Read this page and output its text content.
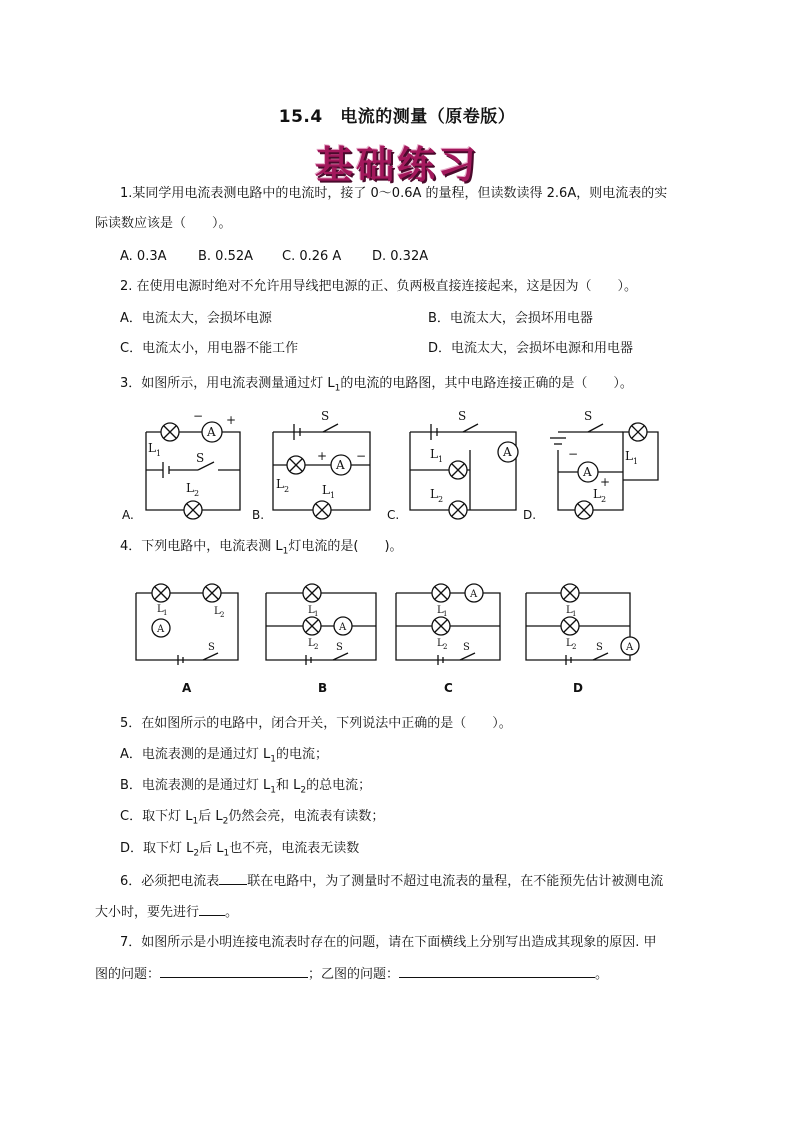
15.4　电流的测量（原卷版）
基础练习
1.某同学用电流表测电路中的电流时，接了 0～0.6A 的量程，但读数读得 2.6A，则电流表的实
际读数应该是（　　）。
A. 0.3A B. 0.52A C. 0.26 A D. 0.32A
2. 在使用电源时绝对不允许用导线把电源的正、负两极直接连接起来，这是因为（　　）。
A．电流太大，会损坏电源	B．电流太大，会损坏用电器
C．电流太小，用电器不能工作	D．电流太大，会损坏电源和用电器
3．如图所示，用电流表测量通过灯 $L_1$的电流的电路图，其中电路连接正确的是（　　）。
A
− +
S
L 1
L 2
A
S
+ −
L 2	L 1
A
S
L 1
L 2
A
S
−
+
L 1
L 2
A.	B.	C.	D.
4．下列电路中，电流表测 $L_1$灯电流的是(　　)。
A
L 1	L 2
S
A
L 1
L 2 S
A
L 1
L 2 S	A
L 1
L 2 S
A	B	C	D
5．在如图所示的电路中，闭合开关，下列说法中正确的是（　　）。
A．电流表测的是通过灯 $L_1$的电流；
B．电流表测的是通过灯 $L_1$和 $L_2$的总电流；
C．取下灯 $L_1$后 $L_2$仍然会亮，电流表有读数；
D．取下灯 $L_2$后 $L_1$也不亮，电流表无读数
6．必须把电流表 联在电路中，为了测量时不超过电流表的量程，在不能预先估计被测电流
大小时，要先进行 。
7．如图所示是小明连接电流表时存在的问题，请在下面横线上分别写出造成其现象的原因. 甲
图的问题：	；乙图的问题：	。
